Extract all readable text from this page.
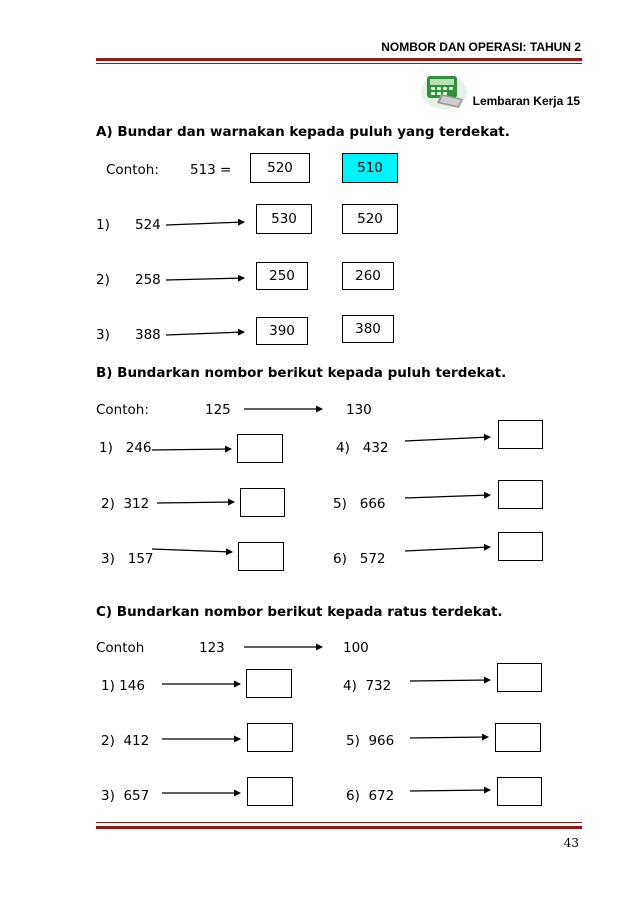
NOMBOR DAN OPERASI: TAHUN 2
Lembaran Kerja 15
A) Bundar dan warnakan kepada puluh yang terdekat.
Contoh: 513 =	520	510
1) 524	530	520
2) 258	250	260
3) 388	390	380
B) Bundarkan nombor berikut kepada puluh terdekat.
Contoh:	125	130
1) 246	4) 432
2) 312	5) 666
3) 157	6) 572
C) Bundarkan nombor berikut kepada ratus terdekat.
Contoh	123	100
1) 146	4) 732
2) 412	5) 966
3) 657	6) 672
43
